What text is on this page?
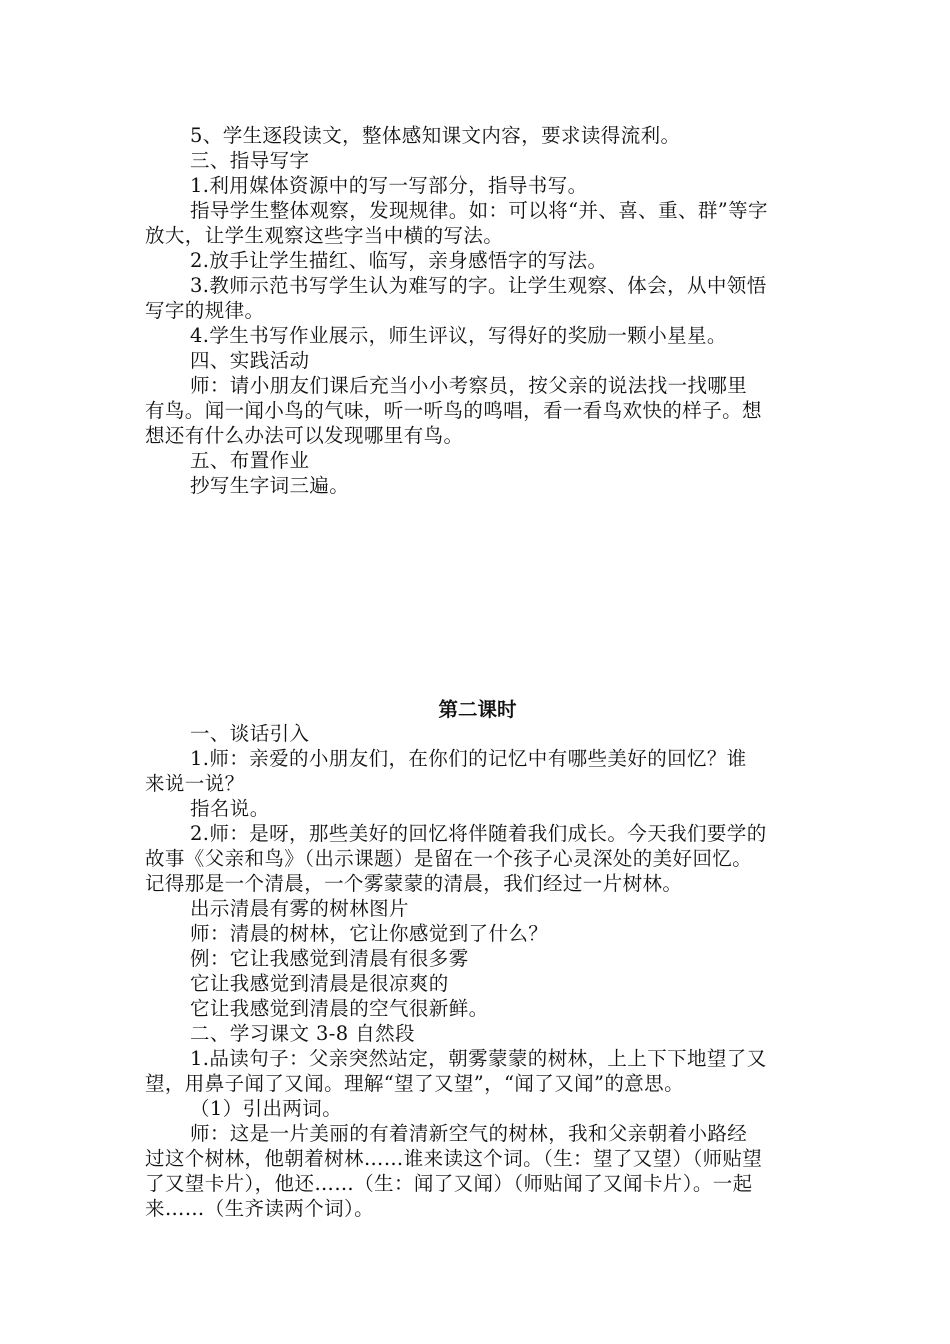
5、学生逐段读文，整体感知课文内容，要求读得流利。
三、指导写字
1.利用媒体资源中的写一写部分，指导书写。
指导学生整体观察，发现规律。如：可以将“并、喜、重、群”等字
放大，让学生观察这些字当中横的写法。
2.放手让学生描红、临写，亲身感悟字的写法。
3.教师示范书写学生认为难写的字。让学生观察、体会，从中领悟
写字的规律。
4.学生书写作业展示，师生评议，写得好的奖励一颗小星星。
四、实践活动
师：请小朋友们课后充当小小考察员，按父亲的说法找一找哪里
有鸟。闻一闻小鸟的气味，听一听鸟的鸣唱，看一看鸟欢快的样子。想
想还有什么办法可以发现哪里有鸟。
五、布置作业
抄写生字词三遍。
第二课时
一、谈话引入
1.师：亲爱的小朋友们，在你们的记忆中有哪些美好的回忆？谁
来说一说？
指名说。
2.师：是呀，那些美好的回忆将伴随着我们成长。今天我们要学的
故事《父亲和鸟》（出示课题）是留在一个孩子心灵深处的美好回忆。
记得那是一个清晨，一个雾蒙蒙的清晨，我们经过一片树林。
出示清晨有雾的树林图片
师：清晨的树林，它让你感觉到了什么？
例：它让我感觉到清晨有很多雾
它让我感觉到清晨是很凉爽的
它让我感觉到清晨的空气很新鲜。
二、学习课文 3-8 自然段
1.品读句子：父亲突然站定，朝雾蒙蒙的树林，上上下下地望了又
望，用鼻子闻了又闻。理解“望了又望”，“闻了又闻”的意思。
（1）引出两词。
师：这是一片美丽的有着清新空气的树林，我和父亲朝着小路经
过这个树林，他朝着树林……谁来读这个词。（生：望了又望）（师贴望
了又望卡片），他还……（生：闻了又闻）（师贴闻了又闻卡片）。一起
来……（生齐读两个词）。
